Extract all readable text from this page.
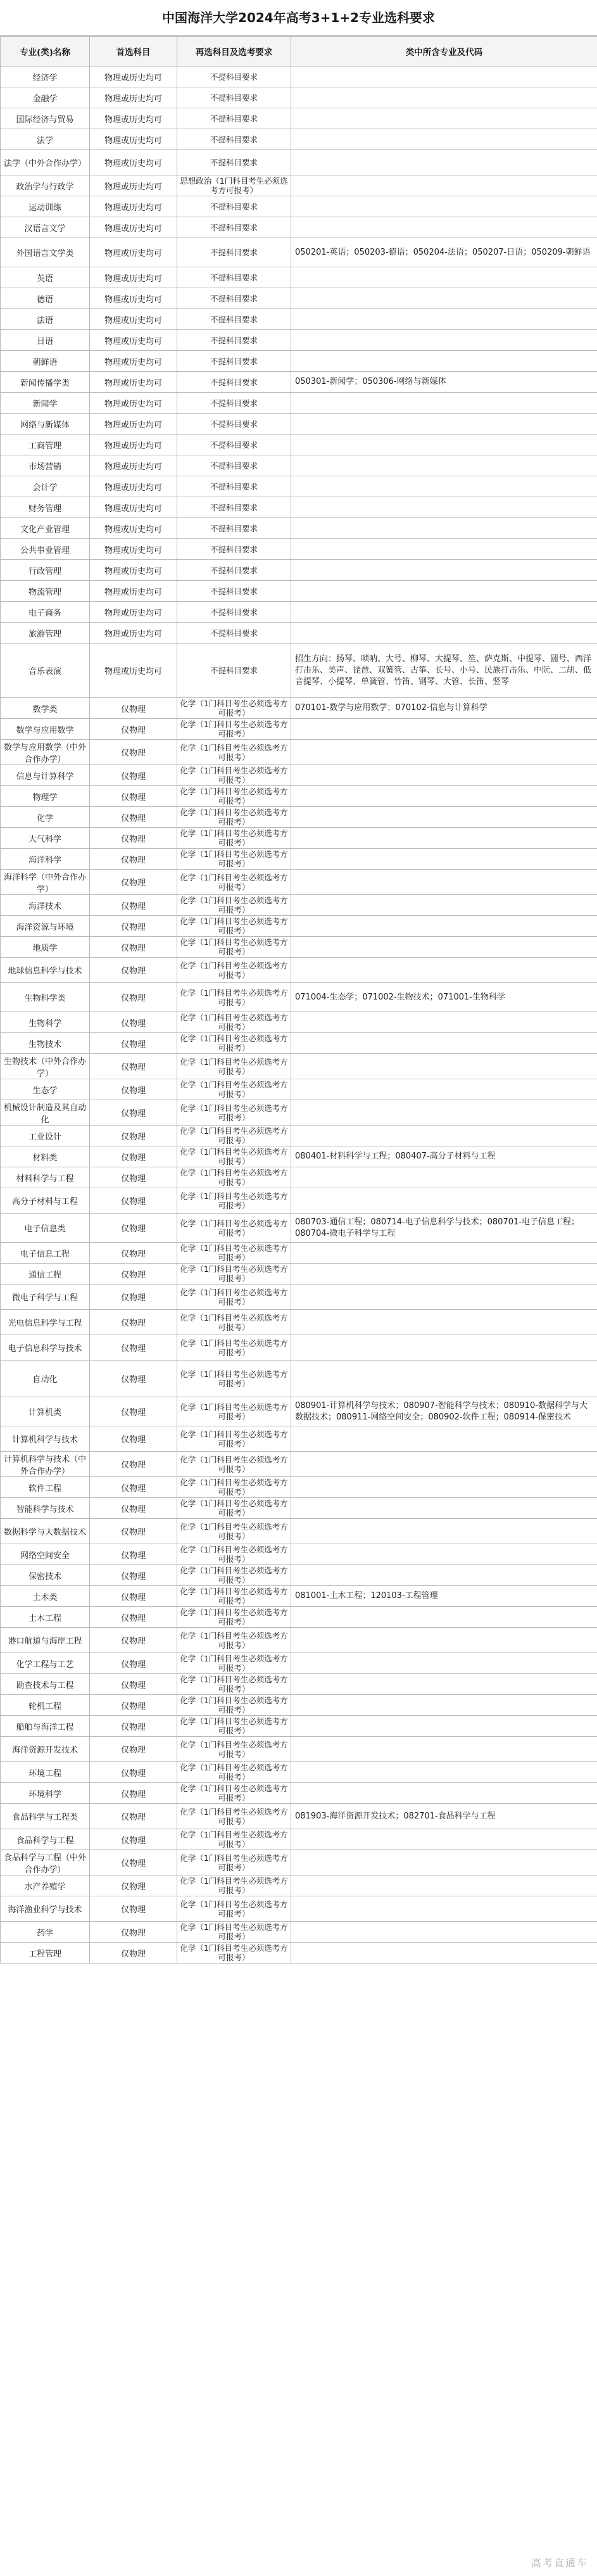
中国海洋大学2024年高考3+1+2专业选科要求
专业(类)名称	首选科目	再选科目及选考要求	类中所含专业及代码
经济学	物理或历史均可	不提科目要求	
金融学	物理或历史均可	不提科目要求	
国际经济与贸易	物理或历史均可	不提科目要求	
法学	物理或历史均可	不提科目要求	
法学（中外合作办学）	物理或历史均可	不提科目要求	
政治学与行政学	物理或历史均可	思想政治（1门科目考生必须选考方可报考）	
运动训练	物理或历史均可	不提科目要求	
汉语言文学	物理或历史均可	不提科目要求	
外国语言文学类	物理或历史均可	不提科目要求	050201-英语；050203-德语；050204-法语；050207-日语；050209-朝鲜语
英语	物理或历史均可	不提科目要求	
德语	物理或历史均可	不提科目要求	
法语	物理或历史均可	不提科目要求	
日语	物理或历史均可	不提科目要求	
朝鲜语	物理或历史均可	不提科目要求	
新闻传播学类	物理或历史均可	不提科目要求	050301-新闻学；050306-网络与新媒体
新闻学	物理或历史均可	不提科目要求	
网络与新媒体	物理或历史均可	不提科目要求	
工商管理	物理或历史均可	不提科目要求	
市场营销	物理或历史均可	不提科目要求	
会计学	物理或历史均可	不提科目要求	
财务管理	物理或历史均可	不提科目要求	
文化产业管理	物理或历史均可	不提科目要求	
公共事业管理	物理或历史均可	不提科目要求	
行政管理	物理或历史均可	不提科目要求	
物流管理	物理或历史均可	不提科目要求	
电子商务	物理或历史均可	不提科目要求	
旅游管理	物理或历史均可	不提科目要求	
音乐表演	物理或历史均可	不提科目要求	招生方向：扬琴、唢呐、大号、柳琴、大提琴、笙、萨克斯、中提琴、圆号、西洋打击乐、美声、琵琶、双簧管、古筝、长号、小号、民族打击乐、中阮、二胡、低音提琴、小提琴、单簧管、竹笛、钢琴、大管、长笛、竖琴
数学类	仅物理	化学（1门科目考生必须选考方可报考）	070101-数学与应用数学；070102-信息与计算科学
数学与应用数学	仅物理	化学（1门科目考生必须选考方可报考）	
数学与应用数学（中外合作办学）	仅物理	化学（1门科目考生必须选考方可报考）	
信息与计算科学	仅物理	化学（1门科目考生必须选考方可报考）	
物理学	仅物理	化学（1门科目考生必须选考方可报考）	
化学	仅物理	化学（1门科目考生必须选考方可报考）	
大气科学	仅物理	化学（1门科目考生必须选考方可报考）	
海洋科学	仅物理	化学（1门科目考生必须选考方可报考）	
海洋科学（中外合作办学）	仅物理	化学（1门科目考生必须选考方可报考）	
海洋技术	仅物理	化学（1门科目考生必须选考方可报考）	
海洋资源与环境	仅物理	化学（1门科目考生必须选考方可报考）	
地质学	仅物理	化学（1门科目考生必须选考方可报考）	
地球信息科学与技术	仅物理	化学（1门科目考生必须选考方可报考）	
生物科学类	仅物理	化学（1门科目考生必须选考方可报考）	071004-生态学；071002-生物技术；071001-生物科学
生物科学	仅物理	化学（1门科目考生必须选考方可报考）	
生物技术	仅物理	化学（1门科目考生必须选考方可报考）	
生物技术（中外合作办学）	仅物理	化学（1门科目考生必须选考方可报考）	
生态学	仅物理	化学（1门科目考生必须选考方可报考）	
机械设计制造及其自动化	仅物理	化学（1门科目考生必须选考方可报考）	
工业设计	仅物理	化学（1门科目考生必须选考方可报考）	
材料类	仅物理	化学（1门科目考生必须选考方可报考）	080401-材料科学与工程；080407-高分子材料与工程
材料科学与工程	仅物理	化学（1门科目考生必须选考方可报考）	
高分子材料与工程	仅物理	化学（1门科目考生必须选考方可报考）	
电子信息类	仅物理	化学（1门科目考生必须选考方可报考）	080703-通信工程；080714-电子信息科学与技术；080701-电子信息工程；080704-微电子科学与工程
电子信息工程	仅物理	化学（1门科目考生必须选考方可报考）	
通信工程	仅物理	化学（1门科目考生必须选考方可报考）	
微电子科学与工程	仅物理	化学（1门科目考生必须选考方可报考）	
光电信息科学与工程	仅物理	化学（1门科目考生必须选考方可报考）	
电子信息科学与技术	仅物理	化学（1门科目考生必须选考方可报考）	
自动化	仅物理	化学（1门科目考生必须选考方可报考）	
计算机类	仅物理	化学（1门科目考生必须选考方可报考）	080901-计算机科学与技术；080907-智能科学与技术；080910-数据科学与大数据技术；080911-网络空间安全；080902-软件工程；080914-保密技术
计算机科学与技术	仅物理	化学（1门科目考生必须选考方可报考）	
计算机科学与技术（中外合作办学）	仅物理	化学（1门科目考生必须选考方可报考）	
软件工程	仅物理	化学（1门科目考生必须选考方可报考）	
智能科学与技术	仅物理	化学（1门科目考生必须选考方可报考）	
数据科学与大数据技术	仅物理	化学（1门科目考生必须选考方可报考）	
网络空间安全	仅物理	化学（1门科目考生必须选考方可报考）	
保密技术	仅物理	化学（1门科目考生必须选考方可报考）	
土木类	仅物理	化学（1门科目考生必须选考方可报考）	081001-土木工程；120103-工程管理
土木工程	仅物理	化学（1门科目考生必须选考方可报考）	
港口航道与海岸工程	仅物理	化学（1门科目考生必须选考方可报考）	
化学工程与工艺	仅物理	化学（1门科目考生必须选考方可报考）	
勘查技术与工程	仅物理	化学（1门科目考生必须选考方可报考）	
轮机工程	仅物理	化学（1门科目考生必须选考方可报考）	
船舶与海洋工程	仅物理	化学（1门科目考生必须选考方可报考）	
海洋资源开发技术	仅物理	化学（1门科目考生必须选考方可报考）	
环境工程	仅物理	化学（1门科目考生必须选考方可报考）	
环境科学	仅物理	化学（1门科目考生必须选考方可报考）	
食品科学与工程类	仅物理	化学（1门科目考生必须选考方可报考）	081903-海洋资源开发技术；082701-食品科学与工程
食品科学与工程	仅物理	化学（1门科目考生必须选考方可报考）	
食品科学与工程（中外合作办学）	仅物理	化学（1门科目考生必须选考方可报考）	
水产养殖学	仅物理	化学（1门科目考生必须选考方可报考）	
海洋渔业科学与技术	仅物理	化学（1门科目考生必须选考方可报考）	
药学	仅物理	化学（1门科目考生必须选考方可报考）	
工程管理	仅物理	化学（1门科目考生必须选考方可报考）	
高考直通车
